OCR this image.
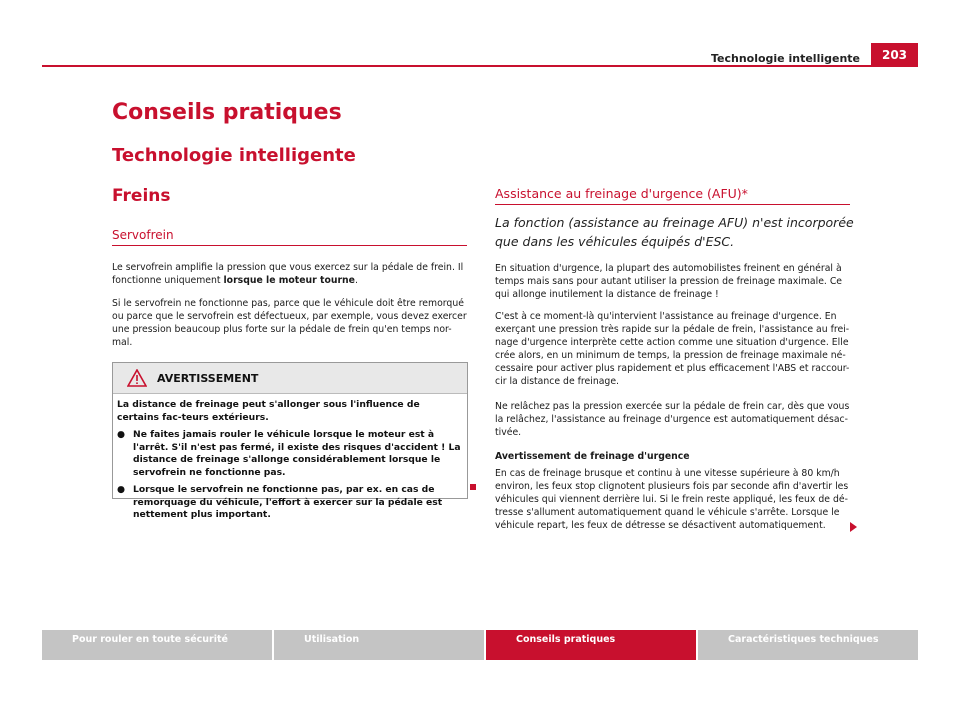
Technologie intelligente	203
Conseils pratiques
Technologie intelligente
Freins
Servofrein

Le servofrein amplifie la pression que vous exercez sur la pédale de frein. Il fonctionne uniquement lorsque le moteur tourne.

Si le servofrein ne fonctionne pas, parce que le véhicule doit être remorqué ou parce que le servofrein est défectueux, par exemple, vous devez exercer une pression beaucoup plus forte sur la pédale de frein qu'en temps nor-mal.

AVERTISSEMENT

La distance de freinage peut s'allonger sous l'influence de certains fac-teurs extérieurs.

● Ne faites jamais rouler le véhicule lorsque le moteur est à l'arrêt. S'il n'est pas fermé, il existe des risques d'accident ! La distance de freinage s'allonge considérablement lorsque le servofrein ne fonctionne pas.

● Lorsque le servofrein ne fonctionne pas, par ex. en cas de remorquage du véhicule, l'effort à exercer sur la pédale est nettement plus important.

Assistance au freinage d'urgence (AFU)*

La fonction (assistance au freinage AFU) n'est incorporée que dans les véhicules équipés d'ESC.

En situation d'urgence, la plupart des automobilistes freinent en général à temps mais sans pour autant utiliser la pression de freinage maximale. Ce qui allonge inutilement la distance de freinage !

C'est à ce moment-là qu'intervient l'assistance au freinage d'urgence. En exerçant une pression très rapide sur la pédale de frein, l'assistance au frei-nage d'urgence interprète cette action comme une situation d'urgence. Elle crée alors, en un minimum de temps, la pression de freinage maximale né-cessaire pour activer plus rapidement et plus efficacement l'ABS et raccour-cir la distance de freinage.

Ne relâchez pas la pression exercée sur la pédale de frein car, dès que vous la relâchez, l'assistance au freinage d'urgence est automatiquement désac-tivée.

Avertissement de freinage d'urgence

En cas de freinage brusque et continu à une vitesse supérieure à 80 km/h environ, les feux stop clignotent plusieurs fois par seconde afin d'avertir les véhicules qui viennent derrière lui. Si le frein reste appliqué, les feux de dé-tresse s'allument automatiquement quand le véhicule s'arrête. Lorsque le véhicule repart, les feux de détresse se désactivent automatiquement.

Pour rouler en toute sécurité	Utilisation	Conseils pratiques	Caractéristiques techniques
